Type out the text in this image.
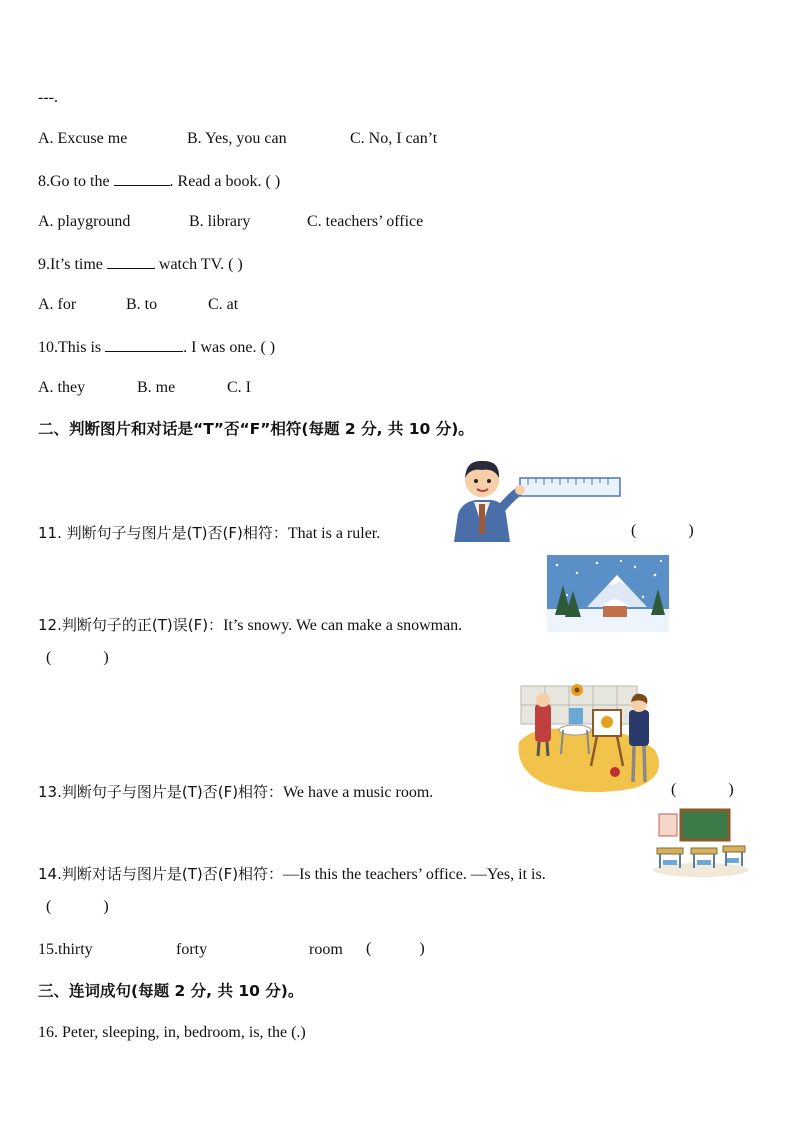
---.
A. Excuse me	B. Yes, you can	C. No, I can’t
8.Go to the	. Read a book. ( )
A. playground	B. library	C. teachers’ office
9.It’s time	watch TV. ( )
A. for	B. to	C. at
10.This is	. I was one. ( )
A. they	B. me	C. I
二、判断图片和对话是“T”否“F”相符(每题 2 分, 共 10 分)。
11. 判断句子与图片是(T)否(F)相符：That is a ruler.	(             )
12.判断句子的正(T)误(F)：It’s snowy. We can make a snowman.
(             )
13.判断句子与图片是(T)否(F)相符：We have a music room.	(             )
14.判断对话与图片是(T)否(F)相符：—Is this the teachers’ office. —Yes, it is.
(             )
15.thirty	forty	room (            )
三、连词成句(每题 2 分, 共 10 分)。
16. Peter, sleeping, in, bedroom, is, the (.)
